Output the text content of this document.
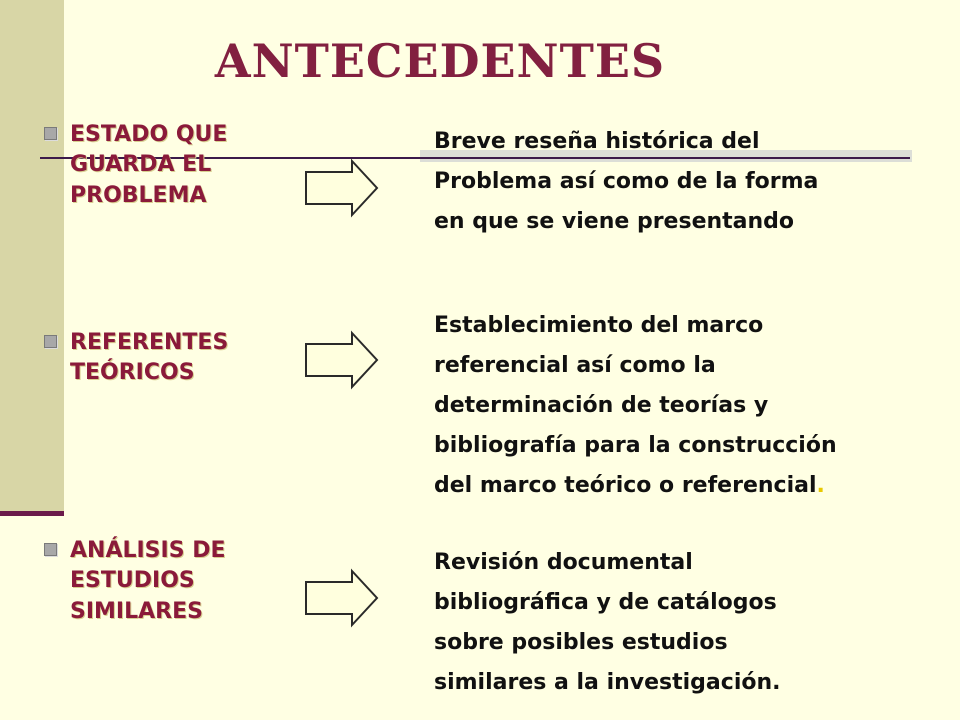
ANTECEDENTES
ESTADO QUE GUARDA EL PROBLEMA
Breve reseña histórica del
Problema así como de la forma
en que se viene presentando
REFERENTES TEÓRICOS
Establecimiento del marco
referencial así como la
determinación de teorías y
bibliografía para la construcción
del marco teórico o referencial.
ANÁLISIS DE ESTUDIOS SIMILARES
Revisión documental
bibliográfica y de catálogos
sobre posibles estudios
similares a la investigación.
